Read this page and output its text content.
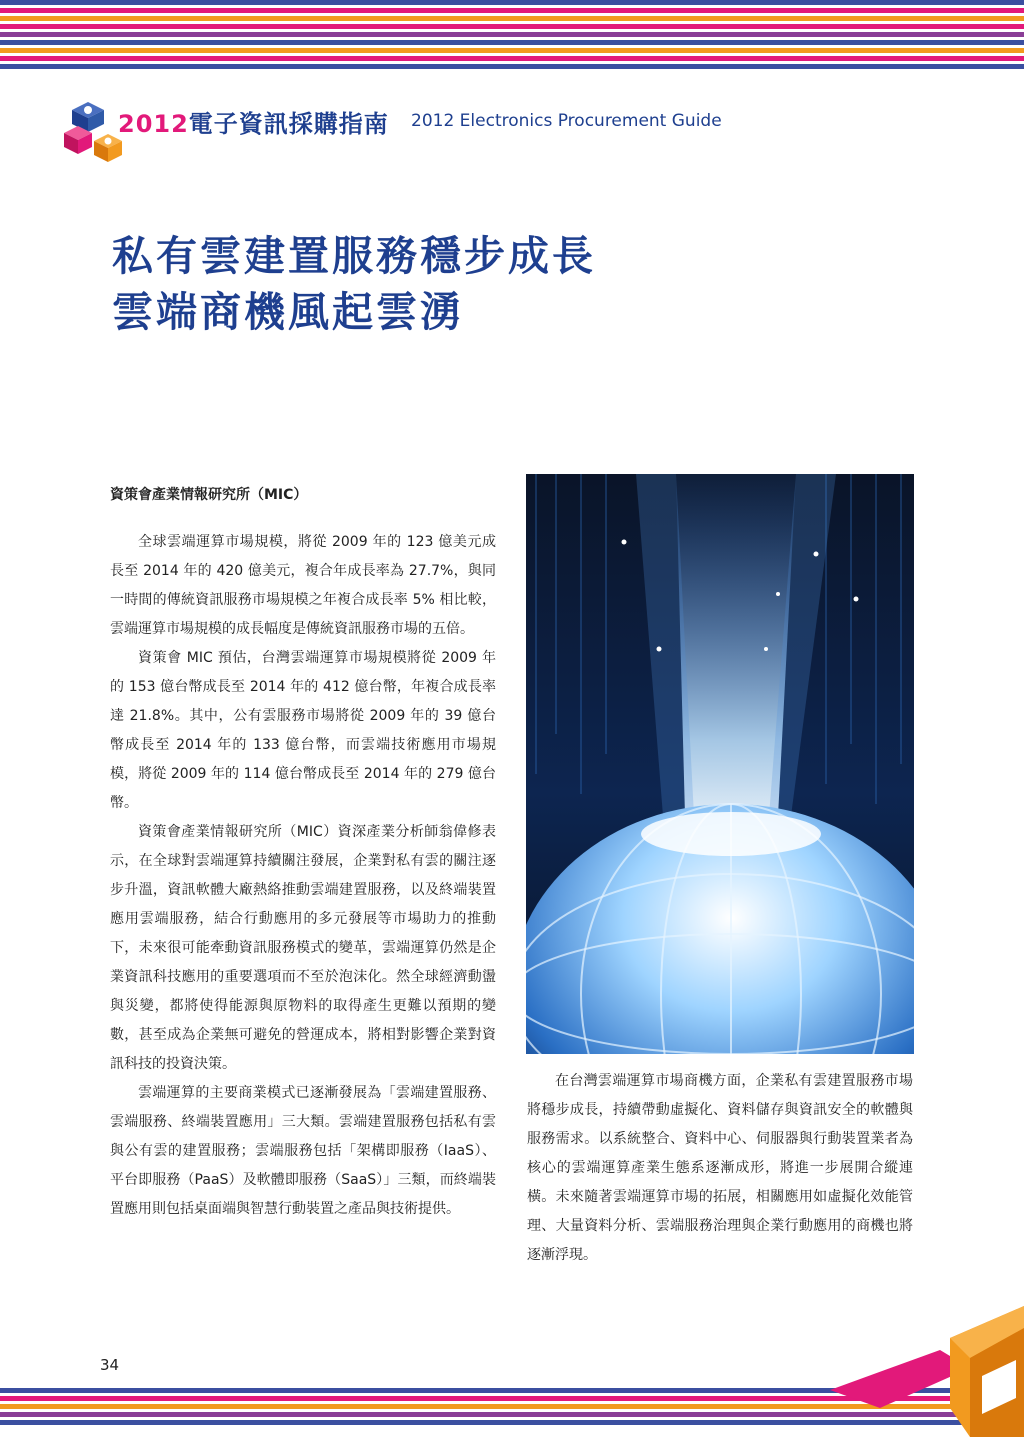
2012電子資訊採購指南 2012 Electronics Procurement Guide
私有雲建置服務穩步成長
雲端商機風起雲湧
資策會產業情報研究所（MIC）

全球雲端運算市場規模，將從 2009 年的 123 億美元成長至 2014 年的 420 億美元，複合年成長率為 27.7%，與同一時間的傳統資訊服務市場規模之年複合成長率 5% 相比較，雲端運算市場規模的成長幅度是傳統資訊服務市場的五倍。

資策會 MIC 預估，台灣雲端運算市場規模將從 2009 年的 153 億台幣成長至 2014 年的 412 億台幣，年複合成長率達 21.8%。其中，公有雲服務市場將從 2009 年的 39 億台幣成長至 2014 年的 133 億台幣，而雲端技術應用市場規模，將從 2009 年的 114 億台幣成長至 2014 年的 279 億台幣。

資策會產業情報研究所（MIC）資深產業分析師翁偉修表示，在全球對雲端運算持續關注發展，企業對私有雲的關注逐步升溫，資訊軟體大廠熱絡推動雲端建置服務，以及終端裝置應用雲端服務，結合行動應用的多元發展等市場助力的推動下，未來很可能牽動資訊服務模式的變革，雲端運算仍然是企業資訊科技應用的重要選項而不至於泡沫化。然全球經濟動盪與災變，都將使得能源與原物料的取得產生更難以預期的變數，甚至成為企業無可避免的營運成本，將相對影響企業對資訊科技的投資決策。

雲端運算的主要商業模式已逐漸發展為「雲端建置服務、雲端服務、終端裝置應用」三大類。雲端建置服務包括私有雲與公有雲的建置服務；雲端服務包括「架構即服務（IaaS）、平台即服務（PaaS）及軟體即服務（SaaS）」三類，而終端裝置應用則包括桌面端與智慧行動裝置之產品與技術提供。

在台灣雲端運算市場商機方面，企業私有雲建置服務市場將穩步成長，持續帶動虛擬化、資料儲存與資訊安全的軟體與服務需求。以系統整合、資料中心、伺服器與行動裝置業者為核心的雲端運算產業生態系逐漸成形，將進一步展開合縱連橫。未來隨著雲端運算市場的拓展，相關應用如虛擬化效能管理、大量資料分析、雲端服務治理與企業行動應用的商機也將逐漸浮現。

34
